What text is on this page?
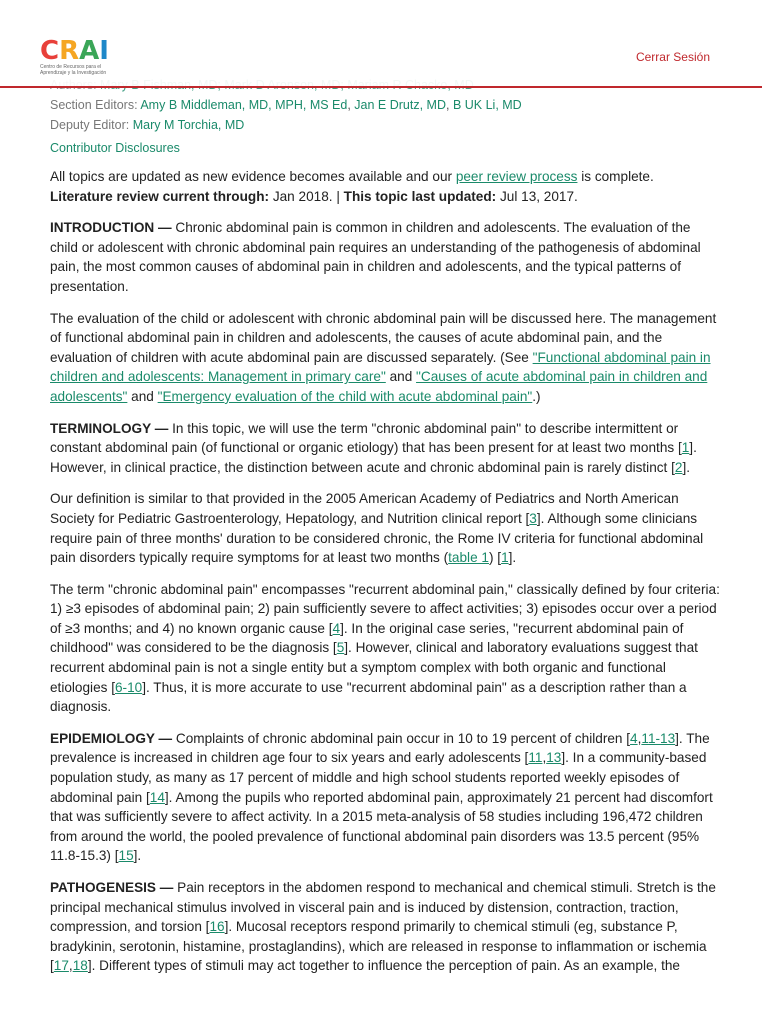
Section Editors: Amy B Middleman, MD, MPH, MS Ed, Jan E Drutz, MD, B UK Li, MD
Deputy Editor: Mary M Torchia, MD
Contributor Disclosures

All topics are updated as new evidence becomes available and our peer review process is complete.
Literature review current through: Jan 2018. | This topic last updated: Jul 13, 2017.

INTRODUCTION — Chronic abdominal pain is common in children and adolescents. The evaluation of the child or adolescent with chronic abdominal pain requires an understanding of the pathogenesis of abdominal pain, the most common causes of abdominal pain in children and adolescents, and the typical patterns of presentation.

The evaluation of the child or adolescent with chronic abdominal pain will be discussed here. The management of functional abdominal pain in children and adolescents, the causes of acute abdominal pain, and the evaluation of children with acute abdominal pain are discussed separately. (See "Functional abdominal pain in children and adolescents: Management in primary care" and "Causes of acute abdominal pain in children and adolescents" and "Emergency evaluation of the child with acute abdominal pain".)

TERMINOLOGY — In this topic, we will use the term "chronic abdominal pain" to describe intermittent or constant abdominal pain (of functional or organic etiology) that has been present for at least two months [1]. However, in clinical practice, the distinction between acute and chronic abdominal pain is rarely distinct [2].

Our definition is similar to that provided in the 2005 American Academy of Pediatrics and North American Society for Pediatric Gastroenterology, Hepatology, and Nutrition clinical report [3]. Although some clinicians require pain of three months' duration to be considered chronic, the Rome IV criteria for functional abdominal pain disorders typically require symptoms for at least two months (table 1) [1].

The term "chronic abdominal pain" encompasses "recurrent abdominal pain," classically defined by four criteria: 1) ≥3 episodes of abdominal pain; 2) pain sufficiently severe to affect activities; 3) episodes occur over a period of ≥3 months; and 4) no known organic cause [4]. In the original case series, "recurrent abdominal pain of childhood" was considered to be the diagnosis [5]. However, clinical and laboratory evaluations suggest that recurrent abdominal pain is not a single entity but a symptom complex with both organic and functional etiologies [6-10]. Thus, it is more accurate to use "recurrent abdominal pain" as a description rather than a diagnosis.

EPIDEMIOLOGY — Complaints of chronic abdominal pain occur in 10 to 19 percent of children [4,11-13]. The prevalence is increased in children age four to six years and early adolescents [11,13]. In a community-based population study, as many as 17 percent of middle and high school students reported weekly episodes of abdominal pain [14]. Among the pupils who reported abdominal pain, approximately 21 percent had discomfort that was sufficiently severe to affect activity. In a 2015 meta-analysis of 58 studies including 196,472 children from around the world, the pooled prevalence of functional abdominal pain disorders was 13.5 percent (95% 11.8-15.3) [15].

PATHOGENESIS — Pain receptors in the abdomen respond to mechanical and chemical stimuli. Stretch is the principal mechanical stimulus involved in visceral pain and is induced by distension, contraction, traction, compression, and torsion [16]. Mucosal receptors respond primarily to chemical stimuli (eg, substance P, bradykinin, serotonin, histamine, prostaglandins), which are released in response to inflammation or ischemia [17,18]. Different types of stimuli may act together to influence the perception of pain. As an example, the

CRAI
Centro de Recursos para el Aprendizaje y la Investigación
Cerrar Sesión
